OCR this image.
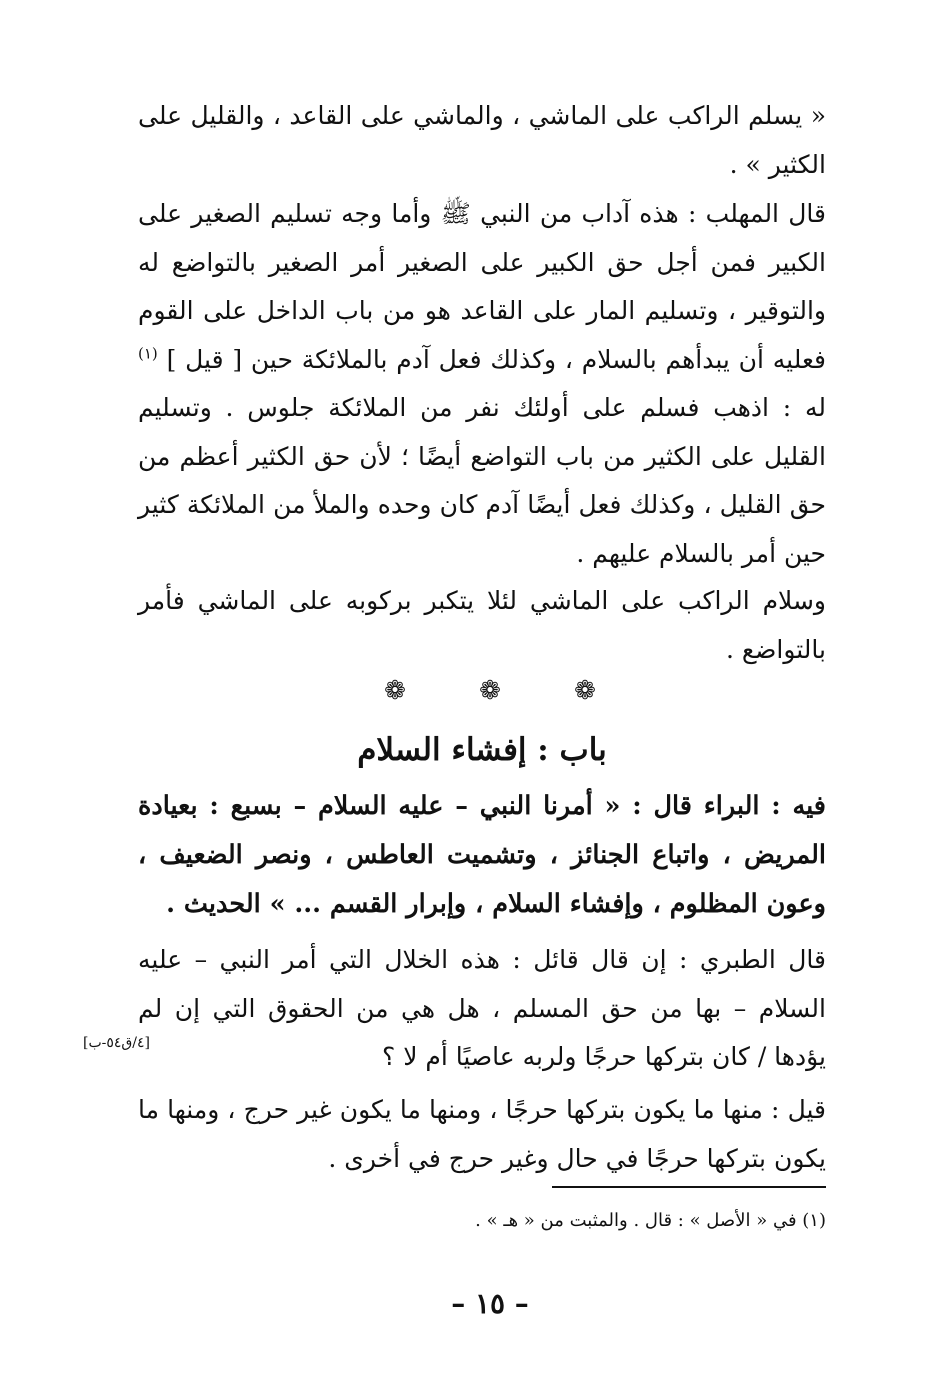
« يسلم الراكب على الماشي ، والماشي على القاعد ، والقليل على الكثير » .

قال المهلب : هذه آداب من النبي ﷺ وأما وجه تسليم الصغير على الكبير فمن أجل حق الكبير على الصغير أمر الصغير بالتواضع له والتوقير ، وتسليم المار على القاعد هو من باب الداخل على القوم فعليه أن يبدأهم بالسلام ، وكذلك فعل آدم بالملائكة حين [ قيل ] $^{(١)}$ له : اذهب فسلم على أولئك نفر من الملائكة جلوس . وتسليم القليل على الكثير من باب التواضع أيضًا ؛ لأن حق الكثير أعظم من حق القليل ، وكذلك فعل أيضًا آدم كان وحده والملأ من الملائكة كثير حين أمر بالسلام عليهم .

وسلام الراكب على الماشي لئلا يتكبر بركوبه على الماشي فأمر بالتواضع .

❁	❁	❁
باب : إفشاء السلام

فيه : البراء قال : « أمرنا النبي – عليه السلام – بسبع : بعيادة المريض ، واتباع الجنائز ، وتشميت العاطس ، ونصر الضعيف ، وعون المظلوم ، وإفشاء السلام ، وإبرار القسم ... » الحديث .

قال الطبري : إن قال قائل : هذه الخلال التي أمر النبي – عليه السلام – بها من حق المسلم ، هل هي من الحقوق التي إن لم يؤدها / كان بتركها حرجًا ولربه عاصيًا أم لا ؟

[٤/ق٥٤-ب]

قيل : منها ما يكون بتركها حرجًا ، ومنها ما يكون غير حرج ، ومنها ما يكون بتركها حرجًا في حال وغير حرج في أخرى .

(١) في « الأصل » : قال . والمثبت من « هـ » .
– ١٥ –
